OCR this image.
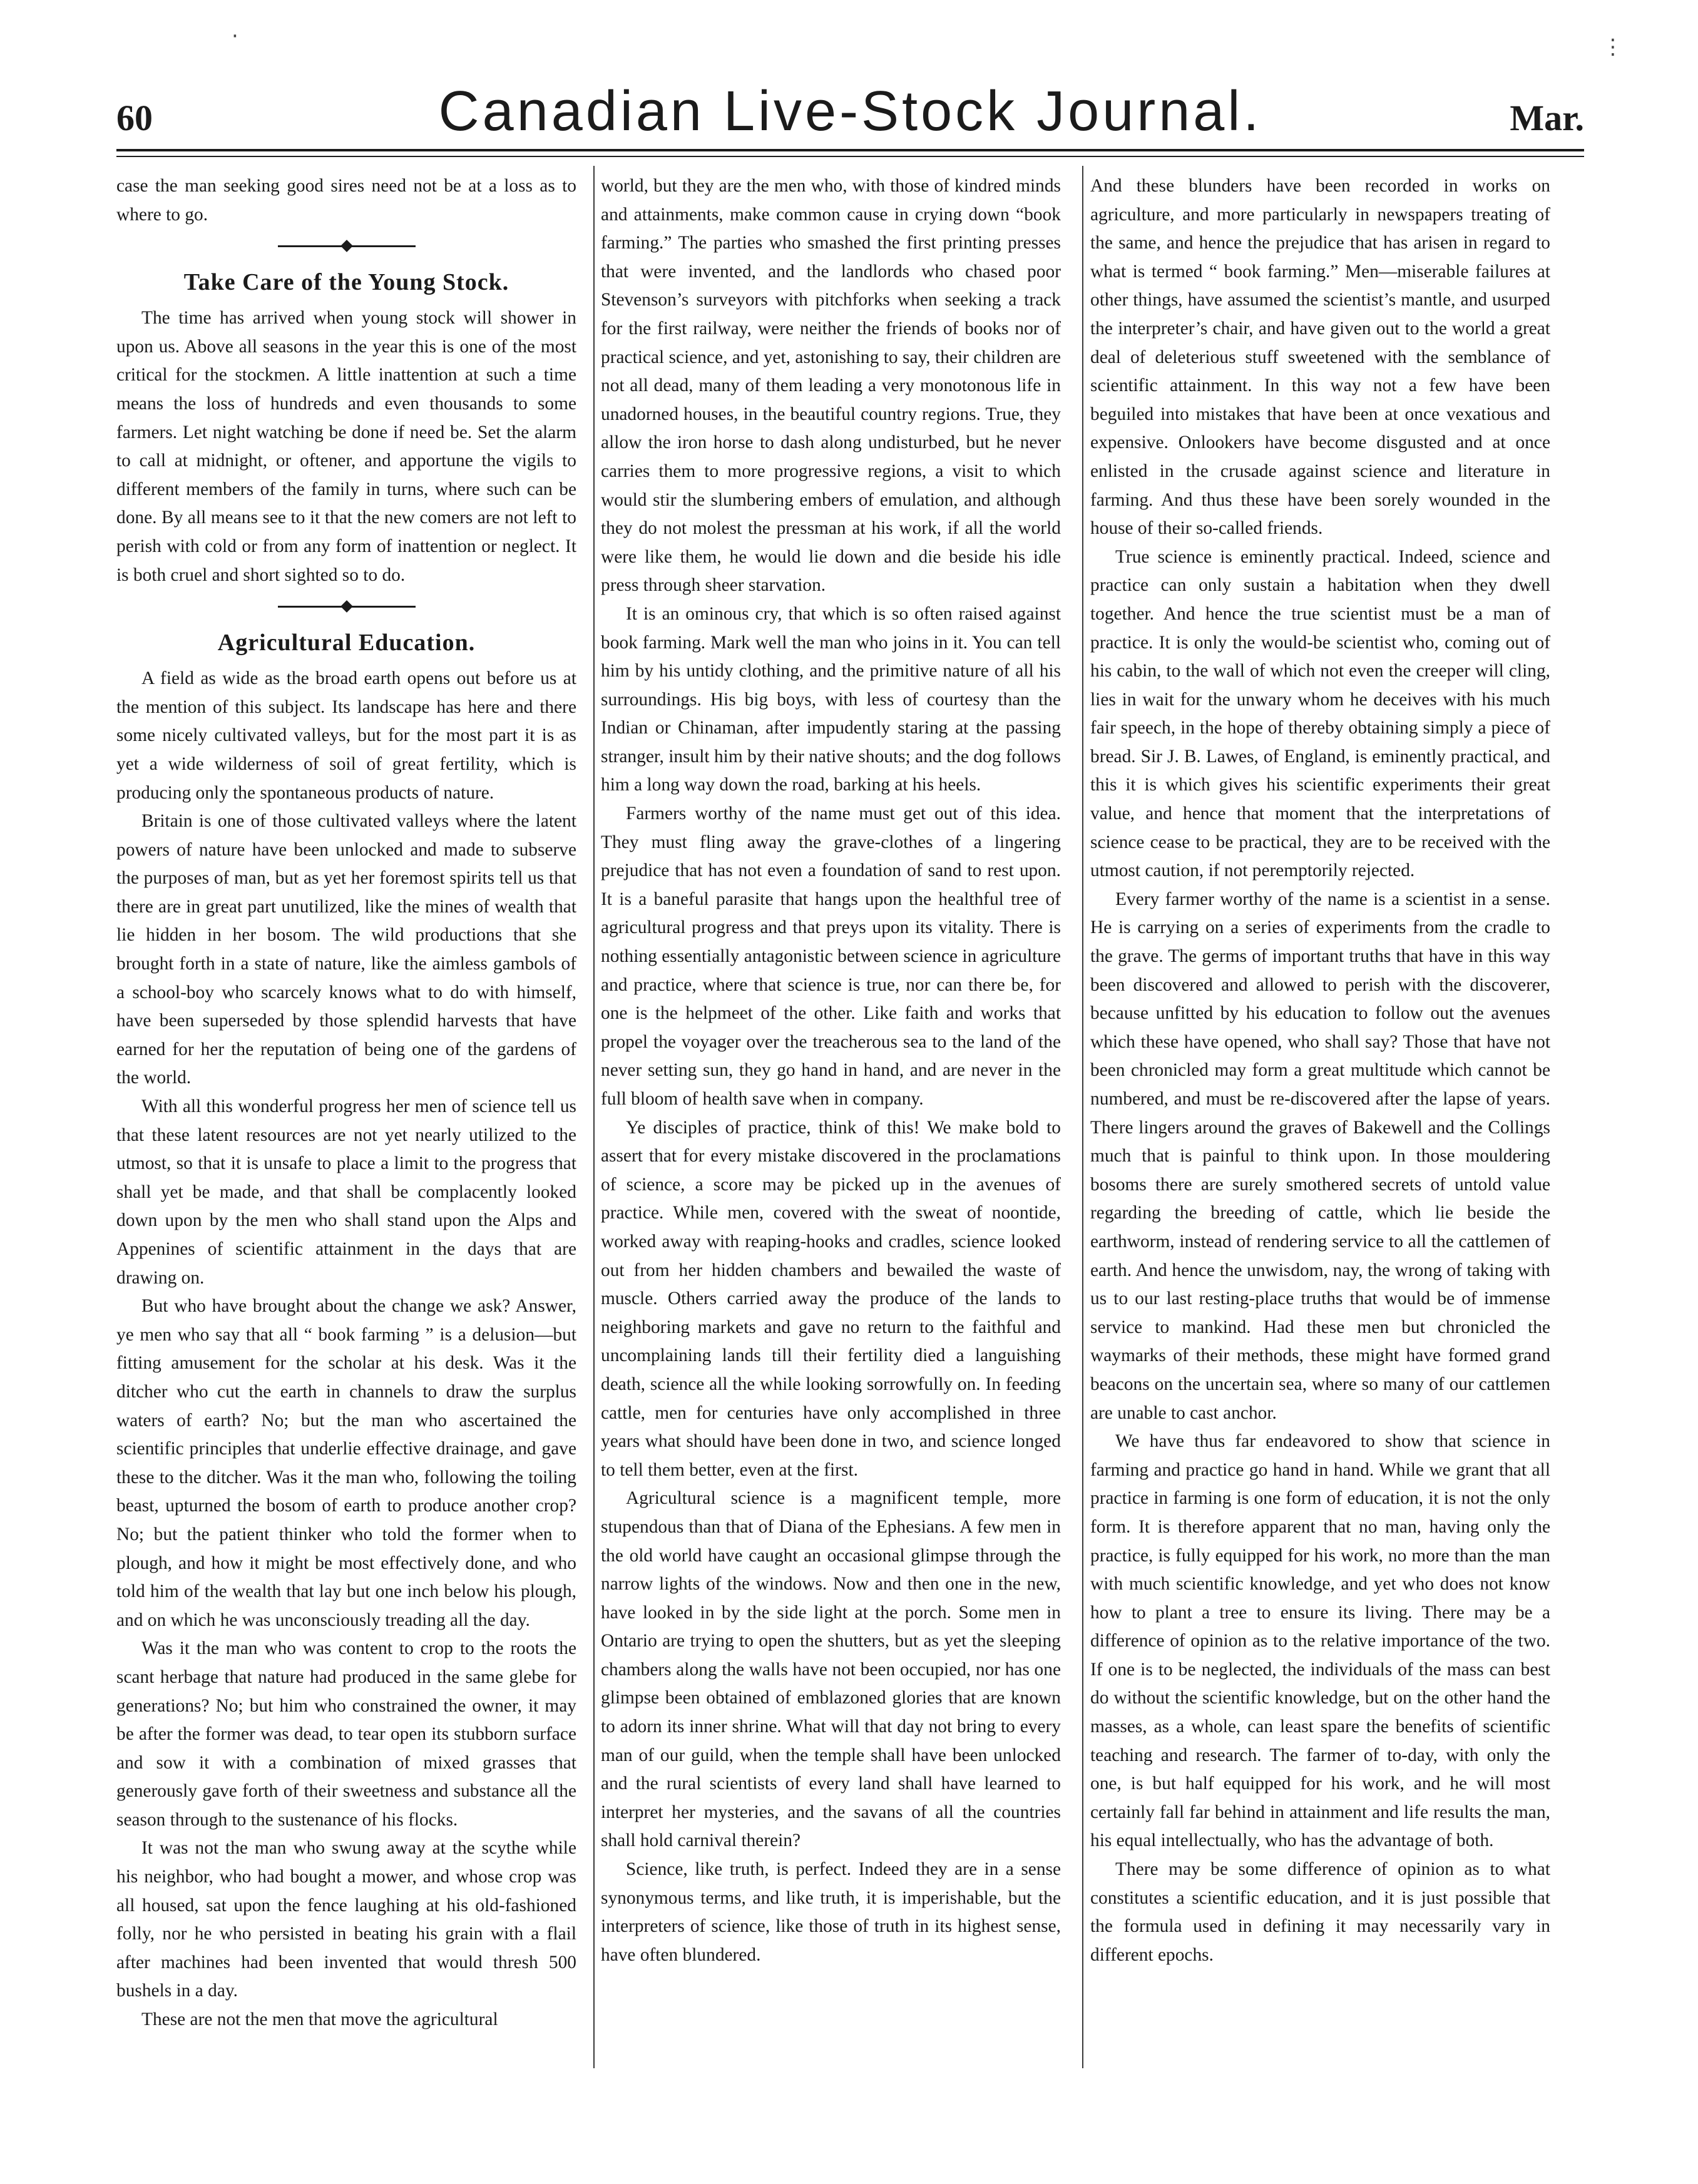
·	⋮
60	Canadian Live-Stock Journal.	Mar.

case the man seeking good sires need not be at a loss as to where to go.

Take Care of the Young Stock.

The time has arrived when young stock will shower in upon us. Above all seasons in the year this is one of the most critical for the stockmen. A little inattention at such a time means the loss of hundreds and even thousands to some farmers. Let night watching be done if need be. Set the alarm to call at midnight, or oftener, and apportune the vigils to different members of the family in turns, where such can be done. By all means see to it that the new comers are not left to perish with cold or from any form of inattention or neglect. It is both cruel and short sighted so to do.

Agricultural Education.

A field as wide as the broad earth opens out before us at the mention of this subject. Its landscape has here and there some nicely cultivated valleys, but for the most part it is as yet a wide wilderness of soil of great fertility, which is producing only the spontaneous products of nature.

Britain is one of those cultivated valleys where the latent powers of nature have been unlocked and made to subserve the purposes of man, but as yet her foremost spirits tell us that there are in great part unutilized, like the mines of wealth that lie hidden in her bosom. The wild productions that she brought forth in a state of nature, like the aimless gambols of a school-boy who scarcely knows what to do with himself, have been superseded by those splendid harvests that have earned for her the reputation of being one of the gardens of the world.

With all this wonderful progress her men of science tell us that these latent resources are not yet nearly utilized to the utmost, so that it is unsafe to place a limit to the progress that shall yet be made, and that shall be complacently looked down upon by the men who shall stand upon the Alps and Appenines of scientific attainment in the days that are drawing on.

But who have brought about the change we ask? Answer, ye men who say that all “ book farming ” is a delusion—but fitting amusement for the scholar at his desk. Was it the ditcher who cut the earth in channels to draw the surplus waters of earth? No; but the man who ascertained the scientific principles that underlie effective drainage, and gave these to the ditcher. Was it the man who, following the toiling beast, upturned the bosom of earth to produce another crop? No; but the patient thinker who told the former when to plough, and how it might be most effectively done, and who told him of the wealth that lay but one inch below his plough, and on which he was unconsciously treading all the day.

Was it the man who was content to crop to the roots the scant herbage that nature had produced in the same glebe for generations? No; but him who constrained the owner, it may be after the former was dead, to tear open its stubborn surface and sow it with a combination of mixed grasses that generously gave forth of their sweetness and substance all the season through to the sustenance of his flocks.

It was not the man who swung away at the scythe while his neighbor, who had bought a mower, and whose crop was all housed, sat upon the fence laughing at his old-fashioned folly, nor he who persisted in beating his grain with a flail after machines had been invented that would thresh 500 bushels in a day.

These are not the men that move the agricultural

world, but they are the men who, with those of kindred minds and attainments, make common cause in crying down “book farming.” The parties who smashed the first printing presses that were invented, and the landlords who chased poor Stevenson’s surveyors with pitchforks when seeking a track for the first railway, were neither the friends of books nor of practical science, and yet, astonishing to say, their children are not all dead, many of them leading a very monotonous life in unadorned houses, in the beautiful country regions. True, they allow the iron horse to dash along undisturbed, but he never carries them to more progressive regions, a visit to which would stir the slumbering embers of emulation, and although they do not molest the pressman at his work, if all the world were like them, he would lie down and die beside his idle press through sheer starvation.

It is an ominous cry, that which is so often raised against book farming. Mark well the man who joins in it. You can tell him by his untidy clothing, and the primitive nature of all his surroundings. His big boys, with less of courtesy than the Indian or Chinaman, after impudently staring at the passing stranger, insult him by their native shouts; and the dog follows him a long way down the road, barking at his heels.

Farmers worthy of the name must get out of this idea. They must fling away the grave-clothes of a lingering prejudice that has not even a foundation of sand to rest upon. It is a baneful parasite that hangs upon the healthful tree of agricultural progress and that preys upon its vitality. There is nothing essentially antagonistic between science in agriculture and practice, where that science is true, nor can there be, for one is the helpmeet of the other. Like faith and works that propel the voyager over the treacherous sea to the land of the never setting sun, they go hand in hand, and are never in the full bloom of health save when in company.

Ye disciples of practice, think of this! We make bold to assert that for every mistake discovered in the proclamations of science, a score may be picked up in the avenues of practice. While men, covered with the sweat of noontide, worked away with reaping-hooks and cradles, science looked out from her hidden chambers and bewailed the waste of muscle. Others carried away the produce of the lands to neighboring markets and gave no return to the faithful and uncomplaining lands till their fertility died a languishing death, science all the while looking sorrowfully on. In feeding cattle, men for centuries have only accomplished in three years what should have been done in two, and science longed to tell them better, even at the first.

Agricultural science is a magnificent temple, more stupendous than that of Diana of the Ephesians. A few men in the old world have caught an occasional glimpse through the narrow lights of the windows. Now and then one in the new, have looked in by the side light at the porch. Some men in Ontario are trying to open the shutters, but as yet the sleeping chambers along the walls have not been occupied, nor has one glimpse been obtained of emblazoned glories that are known to adorn its inner shrine. What will that day not bring to every man of our guild, when the temple shall have been unlocked and the rural scientists of every land shall have learned to interpret her mysteries, and the savans of all the countries shall hold carnival therein?

Science, like truth, is perfect. Indeed they are in a sense synonymous terms, and like truth, it is imperishable, but the interpreters of science, like those of truth in its highest sense, have often blundered.

And these blunders have been recorded in works on agriculture, and more particularly in newspapers treating of the same, and hence the prejudice that has arisen in regard to what is termed “ book farming.” Men—miserable failures at other things, have assumed the scientist’s mantle, and usurped the interpreter’s chair, and have given out to the world a great deal of deleterious stuff sweetened with the semblance of scientific attainment. In this way not a few have been beguiled into mistakes that have been at once vexatious and expensive. Onlookers have become disgusted and at once enlisted in the crusade against science and literature in farming. And thus these have been sorely wounded in the house of their so-called friends.

True science is eminently practical. Indeed, science and practice can only sustain a habitation when they dwell together. And hence the true scientist must be a man of practice. It is only the would-be scientist who, coming out of his cabin, to the wall of which not even the creeper will cling, lies in wait for the unwary whom he deceives with his much fair speech, in the hope of thereby obtaining simply a piece of bread. Sir J. B. Lawes, of England, is eminently practical, and this it is which gives his scientific experiments their great value, and hence that moment that the interpretations of science cease to be practical, they are to be received with the utmost caution, if not peremptorily rejected.

Every farmer worthy of the name is a scientist in a sense. He is carrying on a series of experiments from the cradle to the grave. The germs of important truths that have in this way been discovered and allowed to perish with the discoverer, because unfitted by his education to follow out the avenues which these have opened, who shall say? Those that have not been chronicled may form a great multitude which cannot be numbered, and must be re-discovered after the lapse of years. There lingers around the graves of Bakewell and the Collings much that is painful to think upon. In those mouldering bosoms there are surely smothered secrets of untold value regarding the breeding of cattle, which lie beside the earthworm, instead of rendering service to all the cattlemen of earth. And hence the unwisdom, nay, the wrong of taking with us to our last resting-place truths that would be of immense service to mankind. Had these men but chronicled the waymarks of their methods, these might have formed grand beacons on the uncertain sea, where so many of our cattlemen are unable to cast anchor.

We have thus far endeavored to show that science in farming and practice go hand in hand. While we grant that all practice in farming is one form of education, it is not the only form. It is therefore apparent that no man, having only the practice, is fully equipped for his work, no more than the man with much scientific knowledge, and yet who does not know how to plant a tree to ensure its living. There may be a difference of opinion as to the relative importance of the two. If one is to be neglected, the individuals of the mass can best do without the scientific knowledge, but on the other hand the masses, as a whole, can least spare the benefits of scientific teaching and research. The farmer of to-day, with only the one, is but half equipped for his work, and he will most certainly fall far behind in attainment and life results the man, his equal intellectually, who has the advantage of both.

There may be some difference of opinion as to what constitutes a scientific education, and it is just possible that the formula used in defining it may necessarily vary in different epochs.
